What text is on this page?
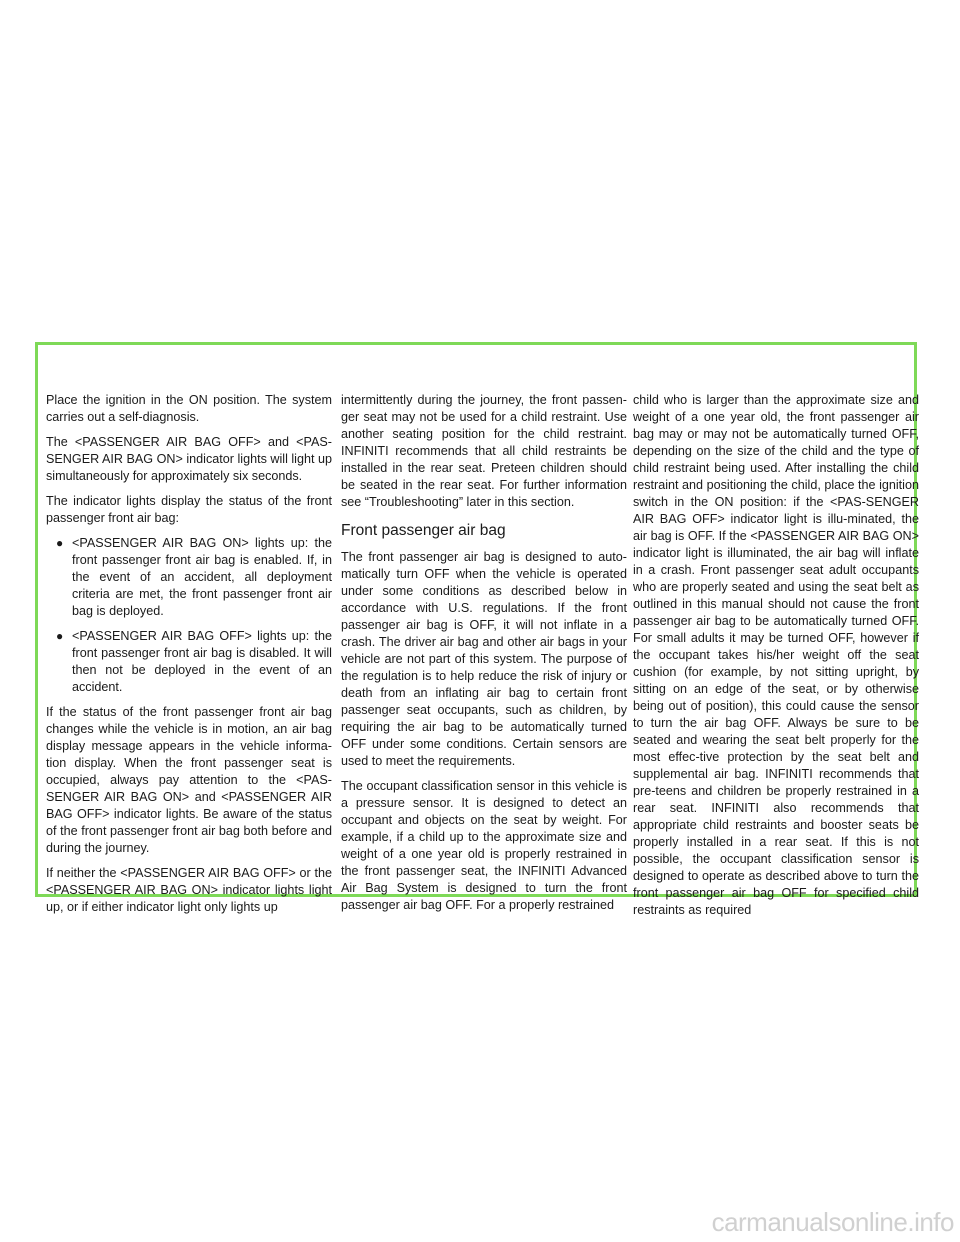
Place the ignition in the ON position. The system carries out a self-diagnosis.

The <PASSENGER AIR BAG OFF> and <PAS-SENGER AIR BAG ON> indicator lights will light up simultaneously for approximately six seconds.

The indicator lights display the status of the front passenger front air bag:

● <PASSENGER AIR BAG ON> lights up: the front passenger front air bag is enabled. If, in the event of an accident, all deployment criteria are met, the front passenger front air bag is deployed.
● <PASSENGER AIR BAG OFF> lights up: the front passenger front air bag is disabled. It will then not be deployed in the event of an accident.

If the status of the front passenger front air bag changes while the vehicle is in motion, an air bag display message appears in the vehicle informa-tion display. When the front passenger seat is occupied, always pay attention to the <PAS-SENGER AIR BAG ON> and <PASSENGER AIR BAG OFF> indicator lights. Be aware of the status of the front passenger front air bag both before and during the journey.

If neither the <PASSENGER AIR BAG OFF> or the <PASSENGER AIR BAG ON> indicator lights light up, or if either indicator light only lights up

intermittently during the journey, the front passen-ger seat may not be used for a child restraint. Use another seating position for the child restraint. INFINITI recommends that all child restraints be installed in the rear seat. Preteen children should be seated in the rear seat. For further information see “Troubleshooting” later in this section.

Front passenger air bag

The front passenger air bag is designed to auto-matically turn OFF when the vehicle is operated under some conditions as described below in accordance with U.S. regulations. If the front passenger air bag is OFF, it will not inflate in a crash. The driver air bag and other air bags in your vehicle are not part of this system. The purpose of the regulation is to help reduce the risk of injury or death from an inflating air bag to certain front passenger seat occupants, such as children, by requiring the air bag to be automatically turned OFF under some conditions. Certain sensors are used to meet the requirements.

The occupant classification sensor in this vehicle is a pressure sensor. It is designed to detect an occupant and objects on the seat by weight. For example, if a child up to the approximate size and weight of a one year old is properly restrained in the front passenger seat, the INFINITI Advanced Air Bag System is designed to turn the front passenger air bag OFF. For a properly restrained

child who is larger than the approximate size and weight of a one year old, the front passenger air bag may or may not be automatically turned OFF, depending on the size of the child and the type of child restraint being used. After installing the child restraint and positioning the child, place the ignition switch in the ON position: if the <PAS-SENGER AIR BAG OFF> indicator light is illu-minated, the air bag is OFF. If the <PASSENGER AIR BAG ON> indicator light is illuminated, the air bag will inflate in a crash. Front passenger seat adult occupants who are properly seated and using the seat belt as outlined in this manual should not cause the front passenger air bag to be automatically turned OFF. For small adults it may be turned OFF, however if the occupant takes his/her weight off the seat cushion (for example, by not sitting upright, by sitting on an edge of the seat, or by otherwise being out of position), this could cause the sensor to turn the air bag OFF. Always be sure to be seated and wearing the seat belt properly for the most effec-tive protection by the seat belt and supplemental air bag. INFINITI recommends that pre-teens and children be properly restrained in a rear seat. INFINITI also recommends that appropriate child restraints and booster seats be properly installed in a rear seat. If this is not possible, the occupant classification sensor is designed to operate as described above to turn the front passenger air bag OFF for specified child restraints as required

carmanualsonline.info
